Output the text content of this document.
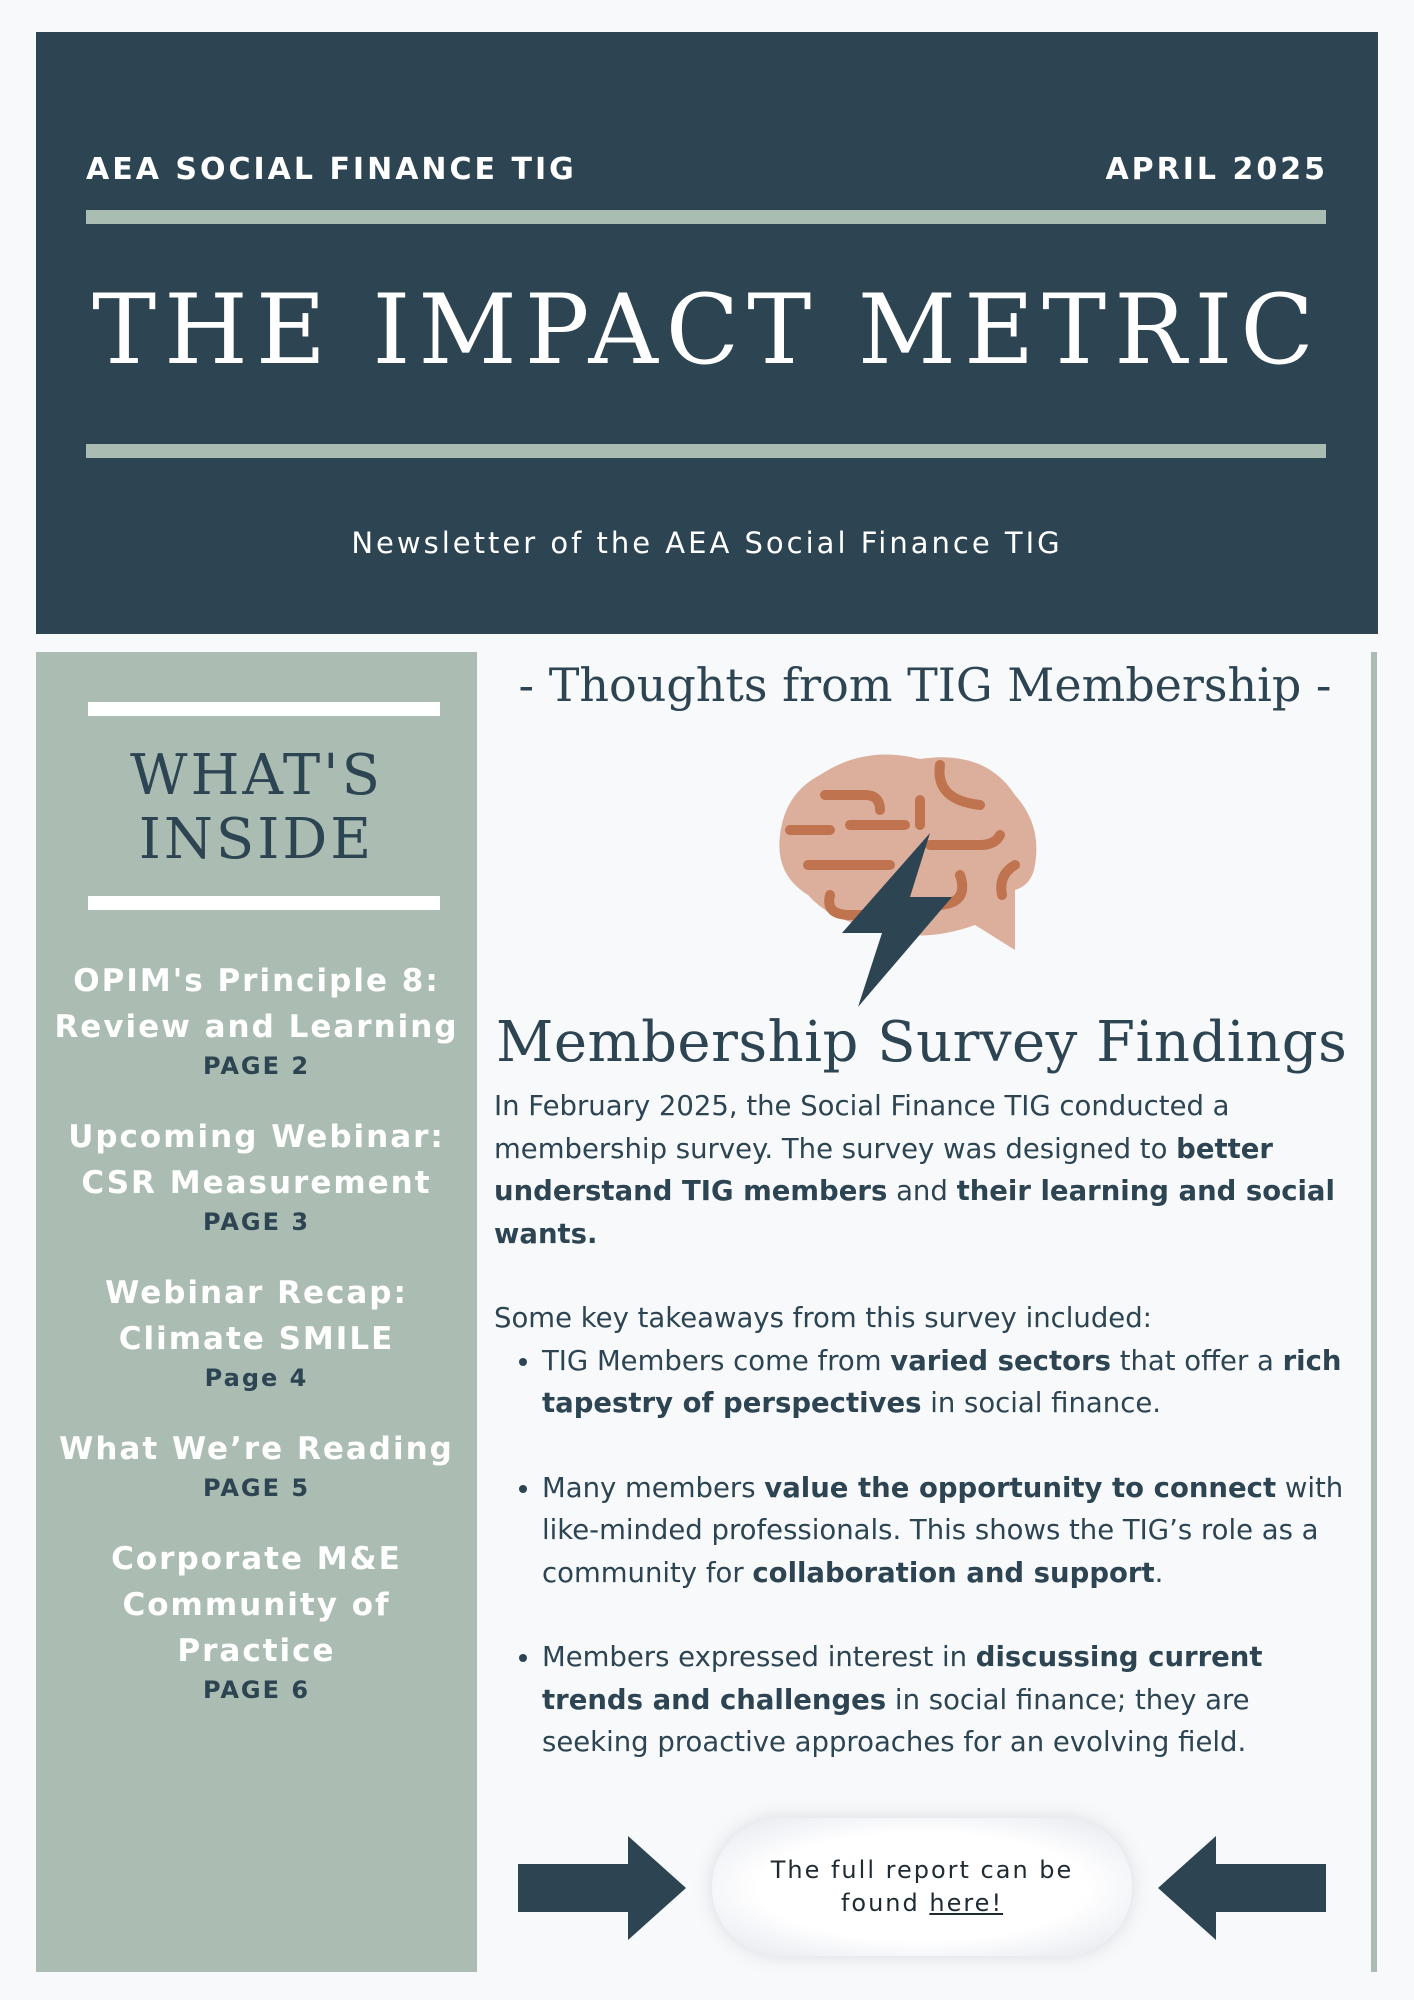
AEA SOCIAL FINANCE TIG	APRIL 2025
THE IMPACT METRIC
Newsletter of the AEA Social Finance TIG
WHAT'S
INSIDE
OPIM's Principle 8:
Review and Learning
PAGE 2
Upcoming Webinar:
CSR Measurement
PAGE 3
Webinar Recap:
Climate SMILE
Page 4
What We’re Reading
PAGE 5
Corporate M&E
Community of
Practice
PAGE 6
- Thoughts from TIG Membership -
Membership Survey Findings

In February 2025, the Social Finance TIG conducted a membership survey. The survey was designed to better understand TIG members and their learning and social wants.

Some key takeaways from this survey included:

• TIG Members come from varied sectors that offer a rich tapestry of perspectives in social finance.
• Many members value the opportunity to connect with like-minded professionals. This shows the TIG’s role as a community for collaboration and support.
• Members expressed interest in discussing current trends and challenges in social finance; they are seeking proactive approaches for an evolving field.
The full report can be
found here!
